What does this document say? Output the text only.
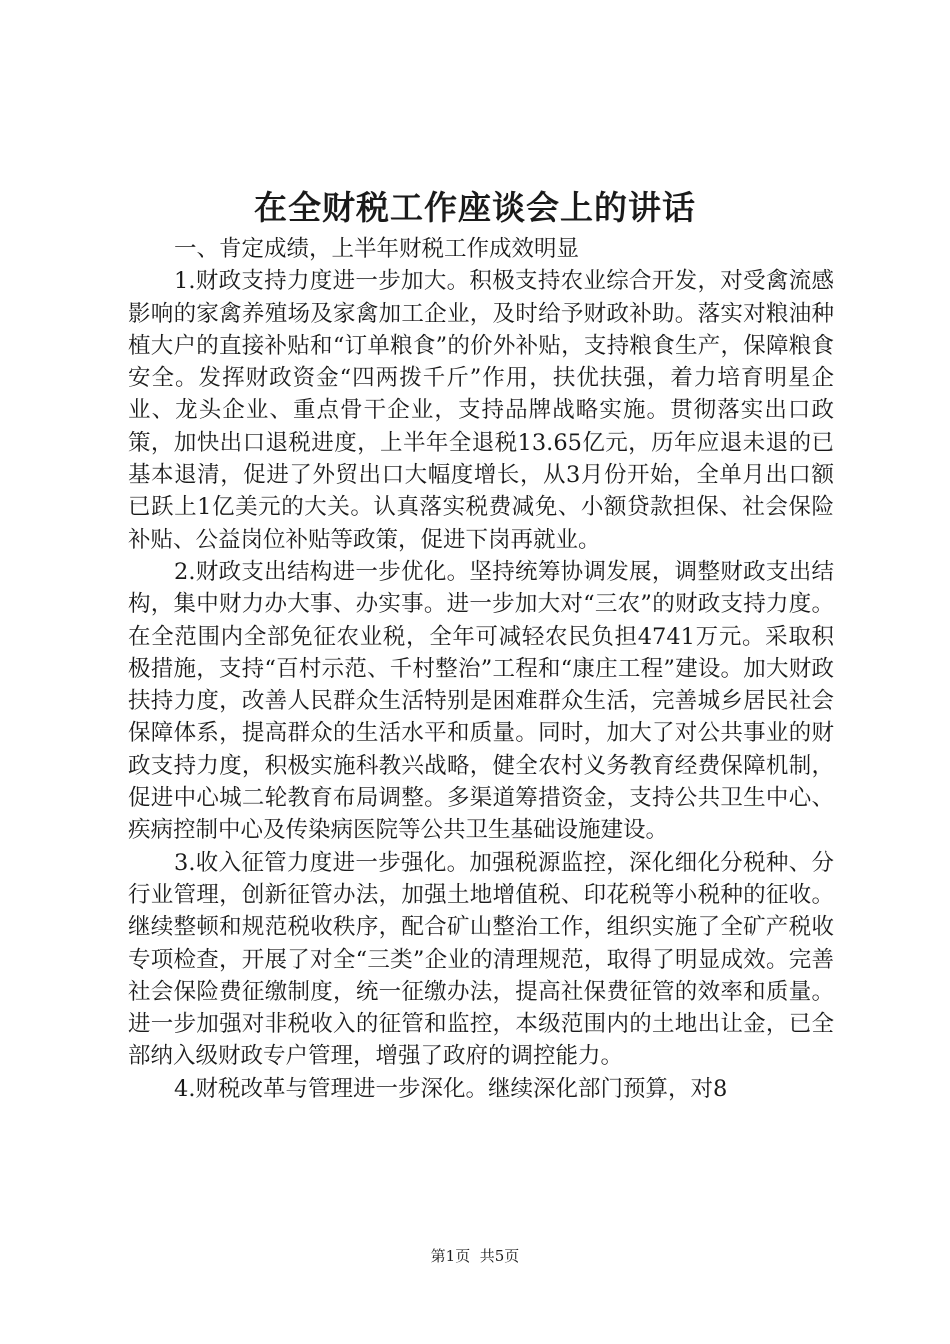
在全财税工作座谈会上的讲话

一、肯定成绩，上半年财税工作成效明显

1.财政支持力度进一步加大。积极支持农业综合开发，对受禽流感影响的家禽养殖场及家禽加工企业，及时给予财政补助。落实对粮油种植大户的直接补贴和“订单粮食”的价外补贴，支持粮食生产，保障粮食安全。发挥财政资金“四两拨千斤”作用，扶优扶强，着力培育明星企业、龙头企业、重点骨干企业，支持品牌战略实施。贯彻落实出口政策，加快出口退税进度，上半年全退税13.65亿元，历年应退未退的已基本退清，促进了外贸出口大幅度增长，从3月份开始，全单月出口额已跃上1亿美元的大关。认真落实税费减免、小额贷款担保、社会保险补贴、公益岗位补贴等政策，促进下岗再就业。

2.财政支出结构进一步优化。坚持统筹协调发展，调整财政支出结构，集中财力办大事、办实事。进一步加大对“三农”的财政支持力度。在全范围内全部免征农业税，全年可减轻农民负担4741万元。采取积极措施，支持“百村示范、千村整治”工程和“康庄工程”建设。加大财政扶持力度，改善人民群众生活特别是困难群众生活，完善城乡居民社会保障体系，提高群众的生活水平和质量。同时，加大了对公共事业的财政支持力度，积极实施科教兴战略，健全农村义务教育经费保障机制，促进中心城二轮教育布局调整。多渠道筹措资金，支持公共卫生中心、疾病控制中心及传染病医院等公共卫生基础设施建设。

3.收入征管力度进一步强化。加强税源监控，深化细化分税种、分行业管理，创新征管办法，加强土地增值税、印花税等小税种的征收。继续整顿和规范税收秩序，配合矿山整治工作，组织实施了全矿产税收专项检查，开展了对全“三类”企业的清理规范，取得了明显成效。完善社会保险费征缴制度，统一征缴办法，提高社保费征管的效率和质量。进一步加强对非税收入的征管和监控，本级范围内的土地出让金，已全部纳入级财政专户管理，增强了政府的调控能力。

4.财税改革与管理进一步深化。继续深化部门预算，对8

第1页 共5页
